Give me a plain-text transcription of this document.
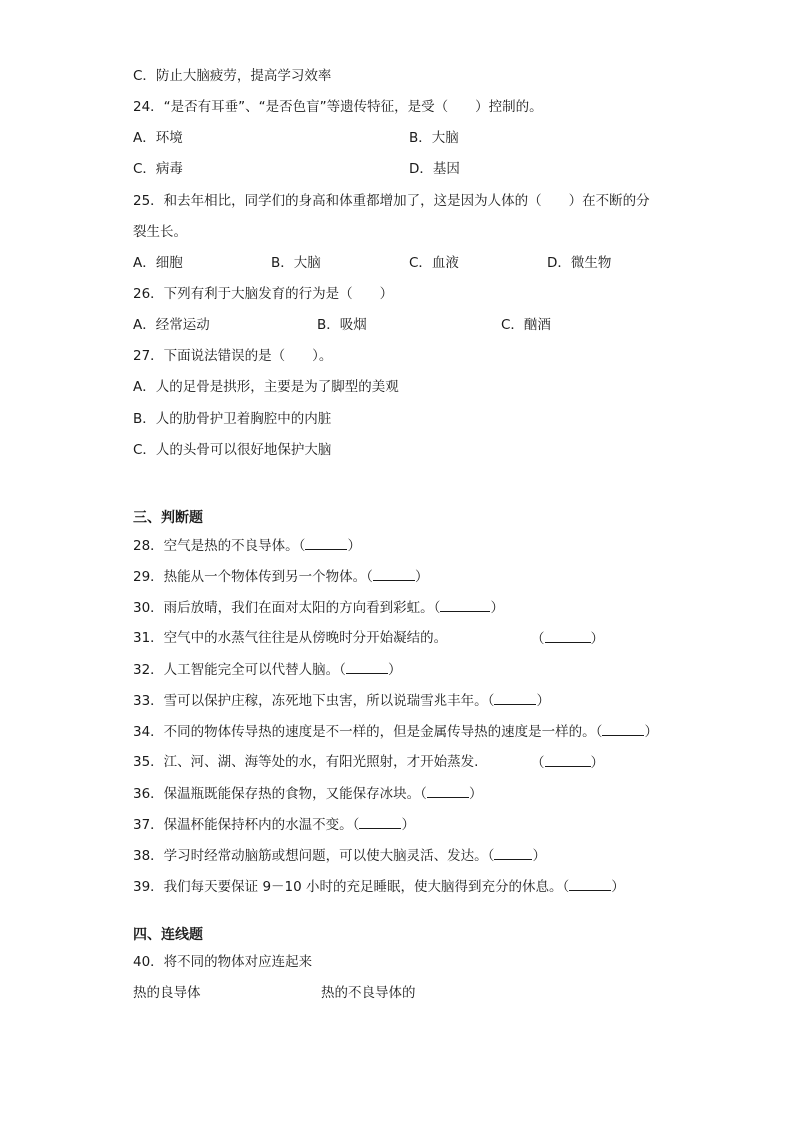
C．防止大脑疲劳，提高学习效率
24．“是否有耳垂”、“是否色盲”等遗传特征，是受（　　）控制的。
A．环境	B．大脑
C．病毒	D．基因
25．和去年相比，同学们的身高和体重都增加了，这是因为人体的（　　）在不断的分
裂生长。
A．细胞	B．大脑	C．血液	D．微生物
26．下列有利于大脑发育的行为是（　　）
A．经常运动	B．吸烟	C．酗酒
27．下面说法错误的是（　　）。
A．人的足骨是拱形，主要是为了脚型的美观
B．人的肋骨护卫着胸腔中的内脏
C．人的头骨可以很好地保护大脑
三、判断题
28．空气是热的不良导体。（	）
29．热能从一个物体传到另一个物体。（	）
30．雨后放晴，我们在面对太阳的方向看到彩虹。（	）
31．空气中的水蒸气往往是从傍晚时分开始凝结的。	（	）
32．人工智能完全可以代替人脑。（	）
33．雪可以保护庄稼，冻死地下虫害，所以说瑞雪兆丰年。（	）
34．不同的物体传导热的速度是不一样的，但是金属传导热的速度是一样的。（	）
35．江、河、湖、海等处的水，有阳光照射，才开始蒸发.	（	）
36．保温瓶既能保存热的食物，又能保存冰块。（	）
37．保温杯能保持杯内的水温不变。（	）
38．学习时经常动脑筋或想问题，可以使大脑灵活、发达。（	）
39．我们每天要保证 9－10 小时的充足睡眠，使大脑得到充分的休息。（	）
四、连线题
40．将不同的物体对应连起来
热的良导体	热的不良导体的
